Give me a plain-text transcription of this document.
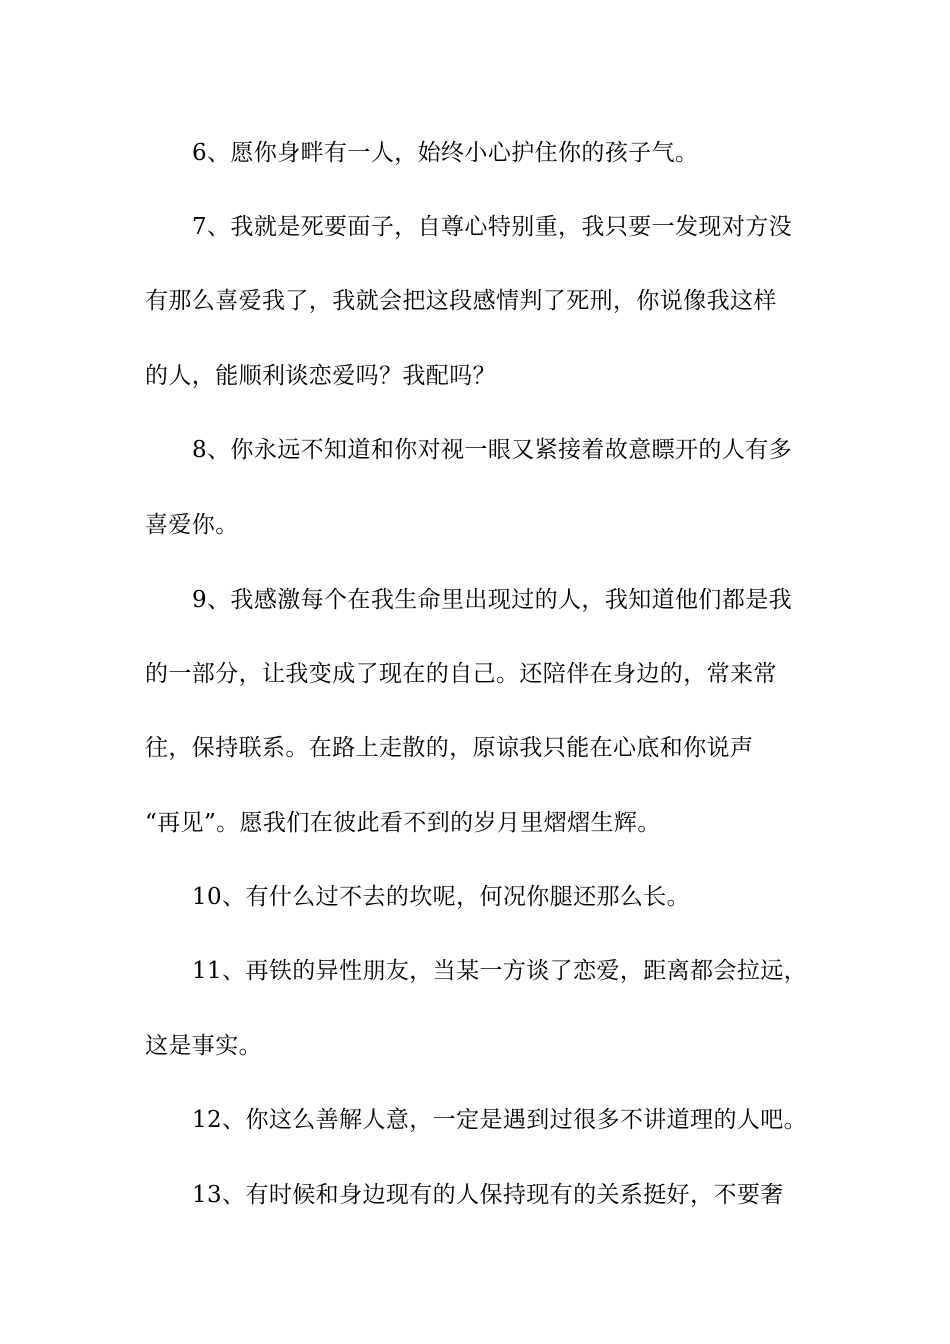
6、愿你身畔有一人，始终小心护住你的孩子气。
7、我就是死要面子，自尊心特别重，我只要一发现对方没
有那么喜爱我了，我就会把这段感情判了死刑，你说像我这样
的人，能顺利谈恋爱吗？我配吗？
8、你永远不知道和你对视一眼又紧接着故意瞟开的人有多
喜爱你。
9、我感激每个在我生命里出现过的人，我知道他们都是我
的一部分，让我变成了现在的自己。还陪伴在身边的，常来常
往，保持联系。在路上走散的，原谅我只能在心底和你说声
“再见”。愿我们在彼此看不到的岁月里熠熠生辉。
10、有什么过不去的坎呢，何况你腿还那么长。
11、再铁的异性朋友，当某一方谈了恋爱，距离都会拉远，
这是事实。
12、你这么善解人意，一定是遇到过很多不讲道理的人吧。
13、有时候和身边现有的人保持现有的关系挺好，不要奢
